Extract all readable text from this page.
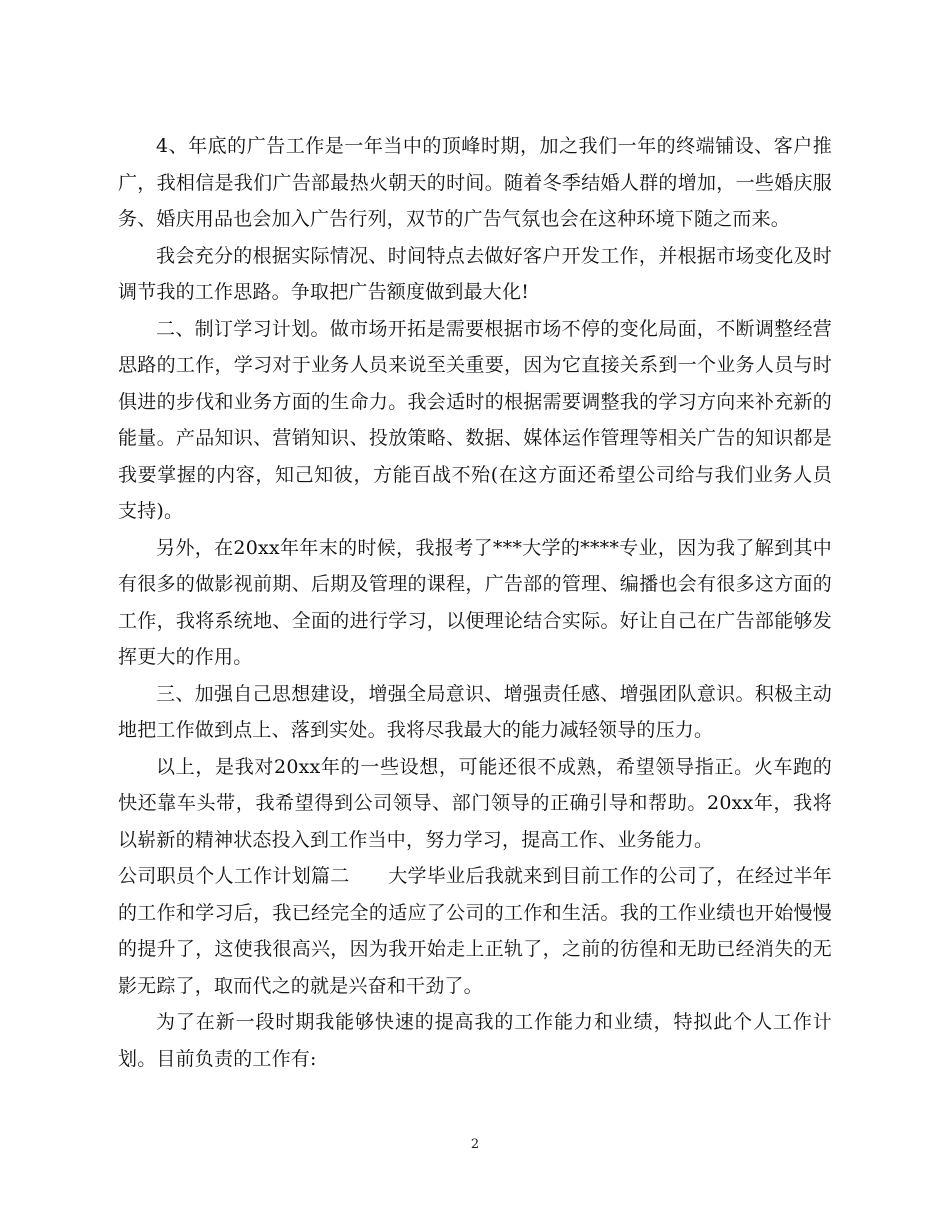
4、年底的广告工作是一年当中的顶峰时期，加之我们一年的终端铺设、客户推广，我相信是我们广告部最热火朝天的时间。随着冬季结婚人群的增加，一些婚庆服务、婚庆用品也会加入广告行列，双节的广告气氛也会在这种环境下随之而来。

我会充分的根据实际情况、时间特点去做好客户开发工作，并根据市场变化及时调节我的工作思路。争取把广告额度做到最大化!

二、制订学习计划。做市场开拓是需要根据市场不停的变化局面，不断调整经营思路的工作，学习对于业务人员来说至关重要，因为它直接关系到一个业务人员与时俱进的步伐和业务方面的生命力。我会适时的根据需要调整我的学习方向来补充新的能量。产品知识、营销知识、投放策略、数据、媒体运作管理等相关广告的知识都是我要掌握的内容，知己知彼，方能百战不殆(在这方面还希望公司给与我们业务人员支持)。

另外，在20xx年年末的时候，我报考了***大学的****专业，因为我了解到其中有很多的做影视前期、后期及管理的课程，广告部的管理、编播也会有很多这方面的工作，我将系统地、全面的进行学习，以便理论结合实际。好让自己在广告部能够发挥更大的作用。

三、加强自己思想建设，增强全局意识、增强责任感、增强团队意识。积极主动地把工作做到点上、落到实处。我将尽我最大的能力减轻领导的压力。

以上，是我对20xx年的一些设想，可能还很不成熟，希望领导指正。火车跑的快还靠车头带，我希望得到公司领导、部门领导的正确引导和帮助。20xx年，我将以崭新的精神状态投入到工作当中，努力学习，提高工作、业务能力。

公司职员个人工作计划篇二　　大学毕业后我就来到目前工作的公司了，在经过半年的工作和学习后，我已经完全的适应了公司的工作和生活。我的工作业绩也开始慢慢的提升了，这使我很高兴，因为我开始走上正轨了，之前的彷徨和无助已经消失的无影无踪了，取而代之的就是兴奋和干劲了。

为了在新一段时期我能够快速的提高我的工作能力和业绩，特拟此个人工作计划。目前负责的工作有:

2
